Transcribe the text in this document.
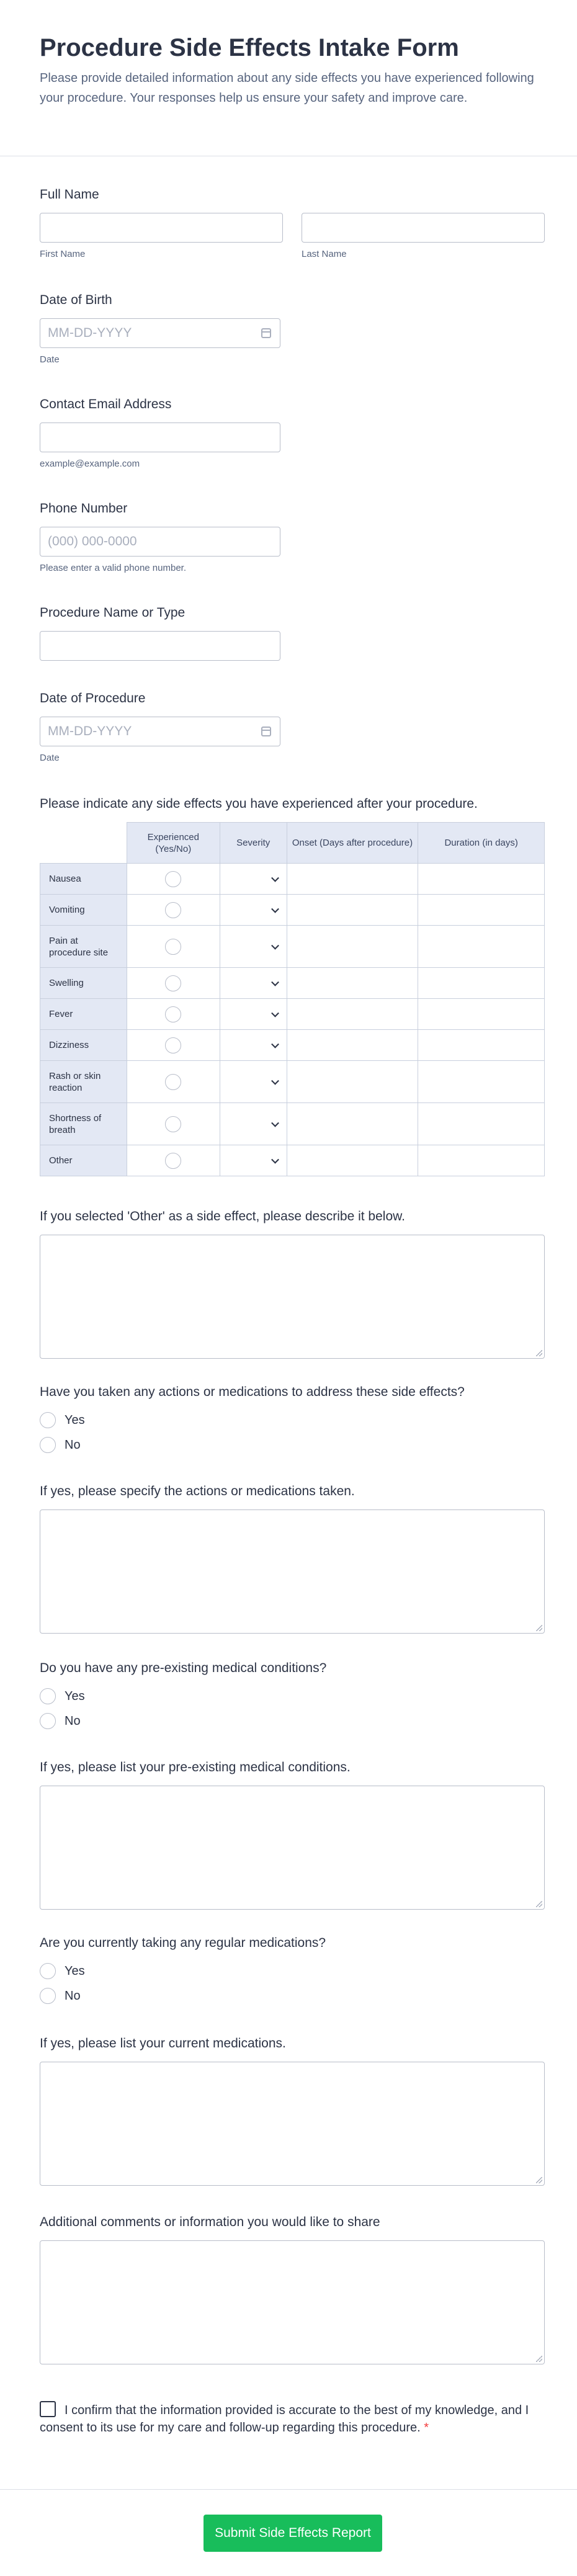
Procedure Side Effects Intake Form

Please provide detailed information about any side effects you have experienced following your procedure. Your responses help us ensure your safety and improve care.

Full Name
First Name	Last Name
Date of Birth
MM-DD-YYYY
Date
Contact Email Address
example@example.com
Phone Number
(000) 000-0000
Please enter a valid phone number.
Procedure Name or Type
Date of Procedure
MM-DD-YYYY
Date
Please indicate any side effects you have experienced after your procedure.
	Experienced (Yes/No)	Severity	Onset (Days after procedure)	Duration (in days)
Nausea	

Vomiting	

Pain at procedure site	

Swelling	

Fever	

Dizziness	

Rash or skin reaction	

Shortness of breath	

Other	

If you selected 'Other' as a side effect, please describe it below.
Have you taken any actions or medications to address these side effects?
Yes
No
If yes, please specify the actions or medications taken.
Do you have any pre-existing medical conditions?
Yes
No
If yes, please list your pre-existing medical conditions.
Are you currently taking any regular medications?
Yes
No
If yes, please list your current medications.
Additional comments or information you would like to share
I confirm that the information provided is accurate to the best of my knowledge, and I consent to its use for my care and follow-up regarding this procedure. *
Submit Side Effects Report
